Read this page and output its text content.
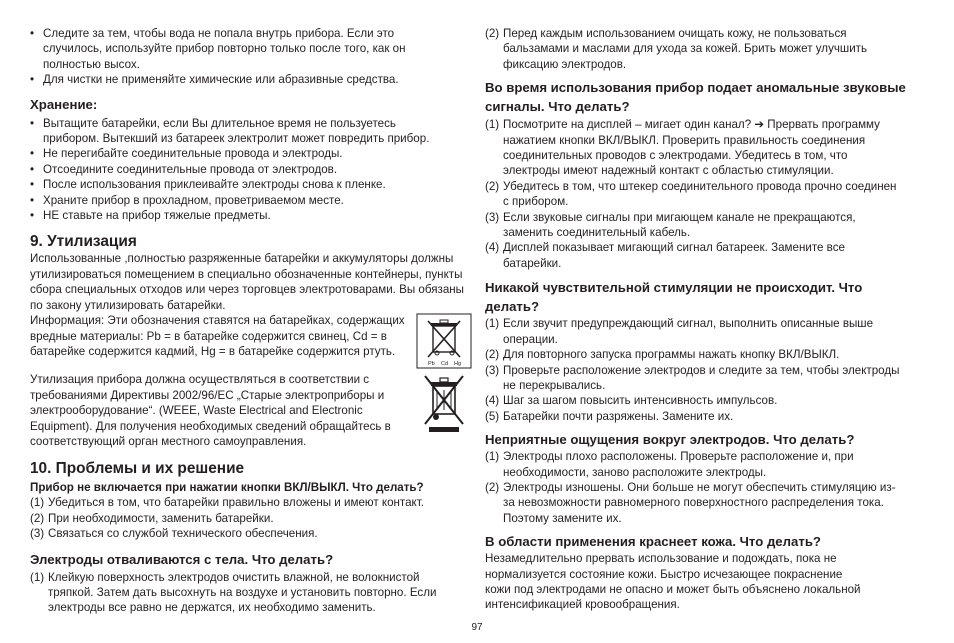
• Следите за тем, чтобы вода не попала внутрь прибора. Если это
случилось, используйте прибор повторно только после того, как он
полностью высох.
• Для чистки не применяйте химические или абразивные средства.
Хранение:
• Вытащите батарейки, если Вы длительное время не пользуетесь
прибором. Вытекший из батареек электролит может повредить прибор.
• Не перегибайте соединительные провода и электроды.
• Отсоедините соединительные провода от электродов.
• После использования приклеивайте электроды снова к пленке.
• Храните прибор в прохладном, проветриваемом месте.
• НЕ ставьте на прибор тяжелые предметы.
9. Утилизация
Использованные ,полностью разряженные батарейки и аккумуляторы должны
утилизироваться помещением в специально обозначенные контейнеры, пункты
сбора специальных отходов или через торговцев электротоварами. Вы обязаны
по закону утилизировать батарейки.
Информация: Эти обозначения ставятся на батарейках, содержащих
вредные материалы: Pb = в батарейке содержится свинец, Cd = в
батарейке содержится кадмий, Hg = в батарейке содержится ртуть.
Утилизация прибора должна осуществляться в соответствии с
требованиями Директивы 2002/96/EC „Старые электроприборы и
электрооборудование“. (WEEE, Waste Electrical and Electronic
Equipment). Для получения необходимых сведений обращайтесь в
соответствующий орган местного самоуправления.
10. Проблемы и их решение
Прибор не включается при нажатии кнопки ВКЛ/ВЫКЛ. Что делать?
(1) Убедиться в том, что батарейки правильно вложены и имеют контакт.
(2) При необходимости, заменить батарейки.
(3) Связаться со службой технического обеспечения.
Электроды отваливаются с тела. Что делать?
(1) Клейкую поверхность электродов очистить влажной, не волокнистой
тряпкой. Затем дать высохнуть на воздухе и установить повторно. Если
электроды все равно не держатся, их необходимо заменить.
Pb Cd Hg
(2) Перед каждым использованием очищать кожу, не пользоваться
бальзамами и маслами для ухода за кожей. Брить может улучшить
фиксацию электродов.
Во время использования прибор подает аномальные звуковые
сигналы. Что делать?
(1) Посмотрите на дисплей – мигает один канал? ➔ Прервать программу
нажатием кнопки ВКЛ/ВЫКЛ. Проверить правильность соединения
соединительных проводов с электродами. Убедитесь в том, что
электроды имеют надежный контакт с областью стимуляции.
(2) Убедитесь в том, что штекер соединительного провода прочно соединен
с прибором.
(3) Если звуковые сигналы при мигающем канале не прекращаются,
заменить соединительный кабель.
(4) Дисплей показывает мигающий сигнал батареек. Замените все
батарейки.
Никакой чувствительной стимуляции не происходит. Что
делать?
(1) Если звучит предупреждающий сигнал, выполнить описанные выше
операции.
(2) Для повторного запуска программы нажать кнопку ВКЛ/ВЫКЛ.
(3) Проверьте расположение электродов и следите за тем, чтобы электроды
не перекрывались.
(4) Шаг за шагом повысить интенсивность импульсов.
(5) Батарейки почти разряжены. Замените их.
Неприятные ощущения вокруг электродов. Что делать?
(1) Электроды плохо расположены. Проверьте расположение и, при
необходимости, заново расположите электроды.
(2) Электроды изношены. Они больше не могут обеспечить стимуляцию из-
за невозможности равномерного поверхностного распределения тока.
Поэтому замените их.
В области применения краснеет кожа. Что делать?
Незамедлительно прервать использование и подождать, пока не
нормализуется состояние кожи. Быстро исчезающее покраснение
кожи под электродами не опасно и может быть объяснено локальной
интенсификацией кровообращения.
97
